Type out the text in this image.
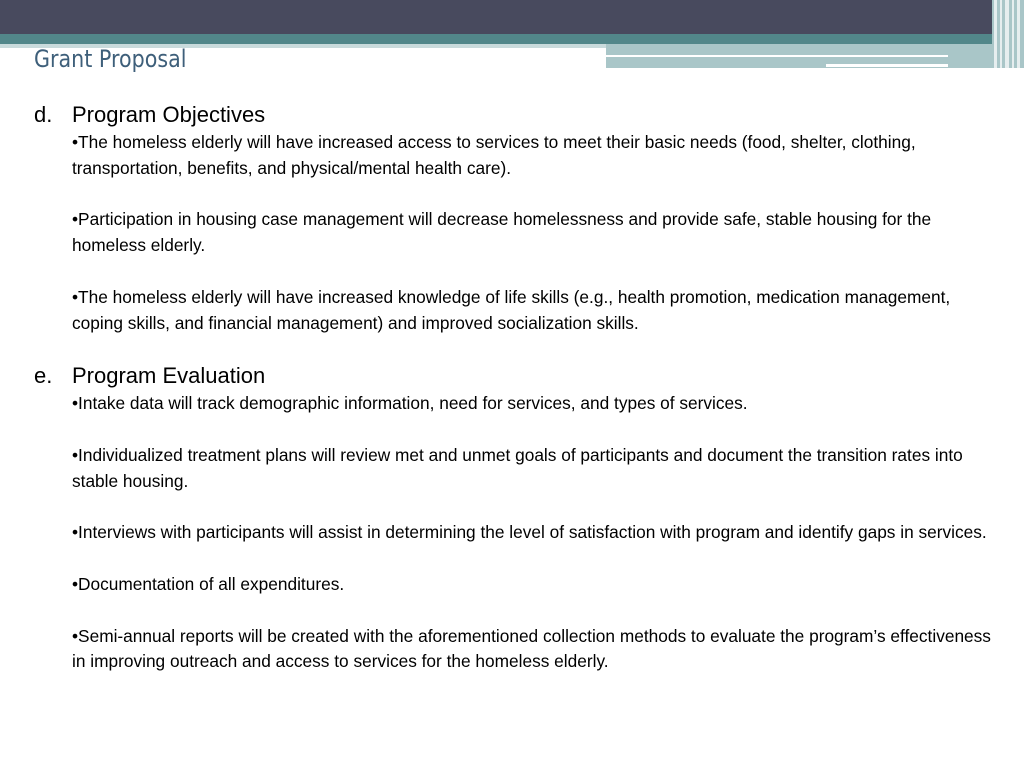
Grant Proposal
d. Program Objectives

•The homeless elderly will have increased access to services to meet their basic needs (food, shelter, clothing, transportation, benefits, and physical/mental health care).

•Participation in housing case management will decrease homelessness and provide safe, stable housing for the homeless elderly.

•The homeless elderly will have increased knowledge of life skills (e.g., health promotion, medication management, coping skills, and financial management) and improved socialization skills.

e. Program Evaluation

•Intake data will track demographic information, need for services, and types of services.

•Individualized treatment plans will review met and unmet goals of participants and document the transition rates into stable housing.

•Interviews with participants will assist in determining the level of satisfaction with program and identify gaps in services.

•Documentation of all expenditures.

•Semi-annual reports will be created with the aforementioned collection methods to evaluate the program’s effectiveness in improving outreach and access to services for the homeless elderly.
